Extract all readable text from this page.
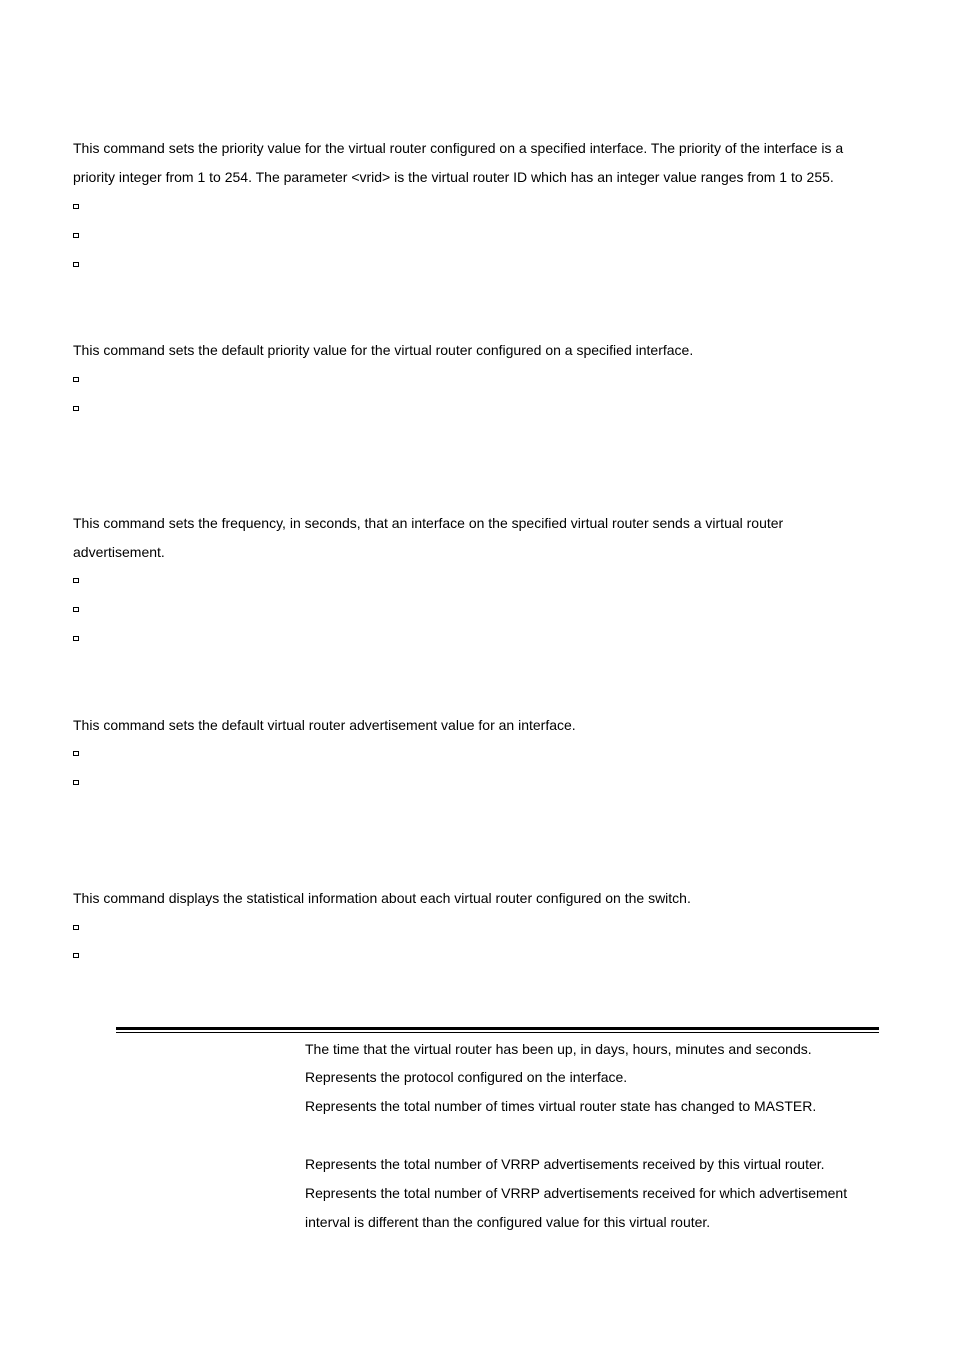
This command sets the priority value for the virtual router configured on a specified interface. The priority of the interface is a priority integer from 1 to 254. The parameter <vrid> is the virtual router ID which has an integer value ranges from 1 to 255.

This command sets the default priority value for the virtual router configured on a specified interface.

This command sets the frequency, in seconds, that an interface on the specified virtual router sends a virtual router advertisement.

This command sets the default virtual router advertisement value for an interface.

This command displays the statistical information about each virtual router configured on the switch.

The time that the virtual router has been up, in days, hours, minutes and seconds.

Represents the protocol configured on the interface.

Represents the total number of times virtual router state has changed to MASTER.

Represents the total number of VRRP advertisements received by this virtual router.

Represents the total number of VRRP advertisements received for which advertisement interval is different than the configured value for this virtual router.
